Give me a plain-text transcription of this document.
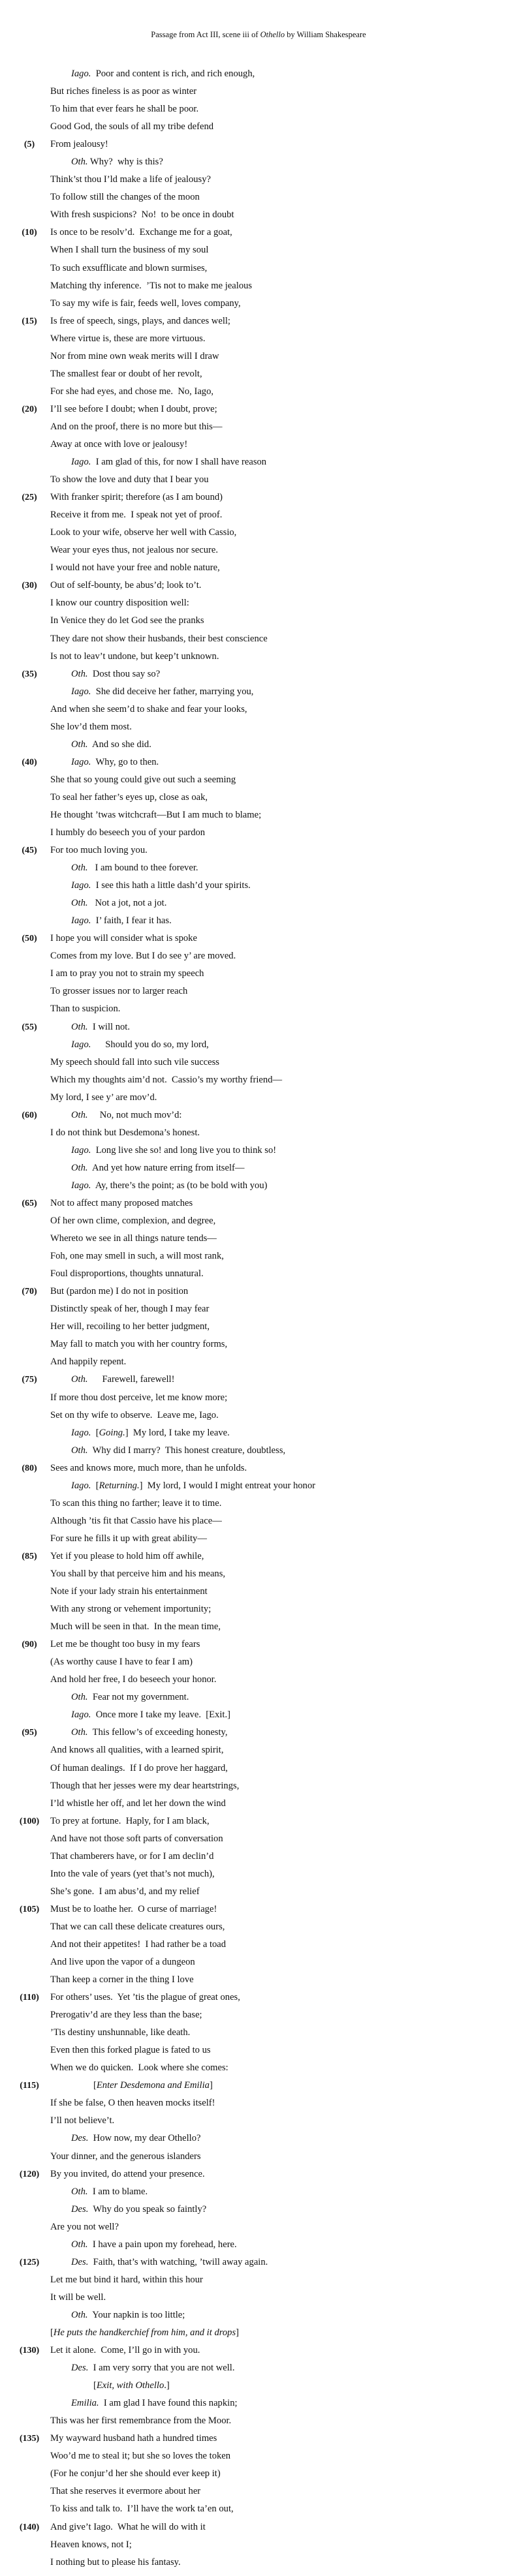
Passage from Act III, scene iii of Othello by William Shakespeare
Iago.  Poor and content is rich, and rich enough,
But riches fineless is as poor as winter
To him that ever fears he shall be poor.
Good God, the souls of all my tribe defend
(5)	From jealousy!
Oth. Why?  why is this?
Think’st thou I’ld make a life of jealousy?
To follow still the changes of the moon
With fresh suspicions?  No!  to be once in doubt
(10)	Is once to be resolv’d.  Exchange me for a goat,
When I shall turn the business of my soul
To such exsufflicate and blown surmises,
Matching thy inference.  ’Tis not to make me jealous
To say my wife is fair, feeds well, loves company,
(15)	Is free of speech, sings, plays, and dances well;
Where virtue is, these are more virtuous.
Nor from mine own weak merits will I draw
The smallest fear or doubt of her revolt,
For she had eyes, and chose me.  No, Iago,
(20)	I’ll see before I doubt; when I doubt, prove;
And on the proof, there is no more but this—
Away at once with love or jealousy!
Iago.  I am glad of this, for now I shall have reason
To show the love and duty that I bear you
(25)	With franker spirit; therefore (as I am bound)
Receive it from me.  I speak not yet of proof.
Look to your wife, observe her well with Cassio,
Wear your eyes thus, not jealous nor secure.
I would not have your free and noble nature,
(30)	Out of self-bounty, be abus’d; look to’t.
I know our country disposition well:
In Venice they do let God see the pranks
They dare not show their husbands, their best conscience
Is not to leav’t undone, but keep’t unknown.
(35)	Oth.  Dost thou say so?
Iago.  She did deceive her father, marrying you,
And when she seem’d to shake and fear your looks,
She lov’d them most.
Oth.  And so she did.
(40)	Iago.  Why, go to then.
She that so young could give out such a seeming
To seal her father’s eyes up, close as oak,
He thought ’twas witchcraft—But I am much to blame;
I humbly do beseech you of your pardon
(45)	For too much loving you.
Oth.   I am bound to thee forever.
Iago.  I see this hath a little dash’d your spirits.
Oth.   Not a jot, not a jot.
Iago.  I’ faith, I fear it has.
(50)	I hope you will consider what is spoke
Comes from my love. But I do see y’ are moved.
I am to pray you not to strain my speech
To grosser issues nor to larger reach
Than to suspicion.
(55)	Oth.  I will not.
Iago.      Should you do so, my lord,
My speech should fall into such vile success
Which my thoughts aim’d not.  Cassio’s my worthy friend—
My lord, I see y’ are mov’d.
(60)	Oth.     No, not much mov’d:
I do not think but Desdemona’s honest.
Iago.  Long live she so! and long live you to think so!
Oth.  And yet how nature erring from itself—
Iago.  Ay, there’s the point; as (to be bold with you)
(65)	Not to affect many proposed matches
Of her own clime, complexion, and degree,
Whereto we see in all things nature tends—
Foh, one may smell in such, a will most rank,
Foul disproportions, thoughts unnatural.
(70)	But (pardon me) I do not in position
Distinctly speak of her, though I may fear
Her will, recoiling to her better judgment,
May fall to match you with her country forms,
And happily repent.
(75)	Oth.      Farewell, farewell!
If more thou dost perceive, let me know more;
Set on thy wife to observe.  Leave me, Iago.
Iago.  [Going.]  My lord, I take my leave.
Oth.  Why did I marry?  This honest creature, doubtless,
(80)	Sees and knows more, much more, than he unfolds.
Iago.  [Returning.]  My lord, I would I might entreat your honor
To scan this thing no farther; leave it to time.
Although ’tis fit that Cassio have his place—
For sure he fills it up with great ability—
(85)	Yet if you please to hold him off awhile,
You shall by that perceive him and his means,
Note if your lady strain his entertainment
With any strong or vehement importunity;
Much will be seen in that.  In the mean time,
(90)	Let me be thought too busy in my fears
(As worthy cause I have to fear I am)
And hold her free, I do beseech your honor.
Oth.  Fear not my government.
Iago.  Once more I take my leave.  [Exit.]
(95)	Oth.  This fellow’s of exceeding honesty,
And knows all qualities, with a learned spirit,
Of human dealings.  If I do prove her haggard,
Though that her jesses were my dear heartstrings,
I’ld whistle her off, and let her down the wind
(100) To prey at fortune.  Haply, for I am black,
And have not those soft parts of conversation
That chamberers have, or for I am declin’d
Into the vale of years (yet that’s not much),
She’s gone.  I am abus’d, and my relief
(105) Must be to loathe her.  O curse of marriage!
That we can call these delicate creatures ours,
And not their appetites!  I had rather be a toad
And live upon the vapor of a dungeon
Than keep a corner in the thing I love
(110) For others’ uses.  Yet ’tis the plague of great ones,
Prerogativ’d are they less than the base;
’Tis destiny unshunnable, like death.
Even then this forked plague is fated to us
When we do quicken.  Look where she comes:
(115)	[Enter Desdemona and Emilia]
If she be false, O then heaven mocks itself!
I’ll not believe’t.
Des.  How now, my dear Othello?
Your dinner, and the generous islanders
(120) By you invited, do attend your presence.
Oth.  I am to blame.
Des.  Why do you speak so faintly?
Are you not well?
Oth.  I have a pain upon my forehead, here.
(125)	Des.  Faith, that’s with watching, ’twill away again.
Let me but bind it hard, within this hour
It will be well.
Oth.  Your napkin is too little;
[He puts the handkerchief from him, and it drops]
(130) Let it alone.  Come, I’ll go in with you.
Des.  I am very sorry that you are not well.
[Exit, with Othello.]
Emilia.  I am glad I have found this napkin;
This was her first remembrance from the Moor.
(135) My wayward husband hath a hundred times
Woo’d me to steal it; but she so loves the token
(For he conjur’d her she should ever keep it)
That she reserves it evermore about her
To kiss and talk to.  I’ll have the work ta’en out,
(140) And give’t Iago.  What he will do with it
Heaven knows, not I;
I nothing but to please his fantasy.
